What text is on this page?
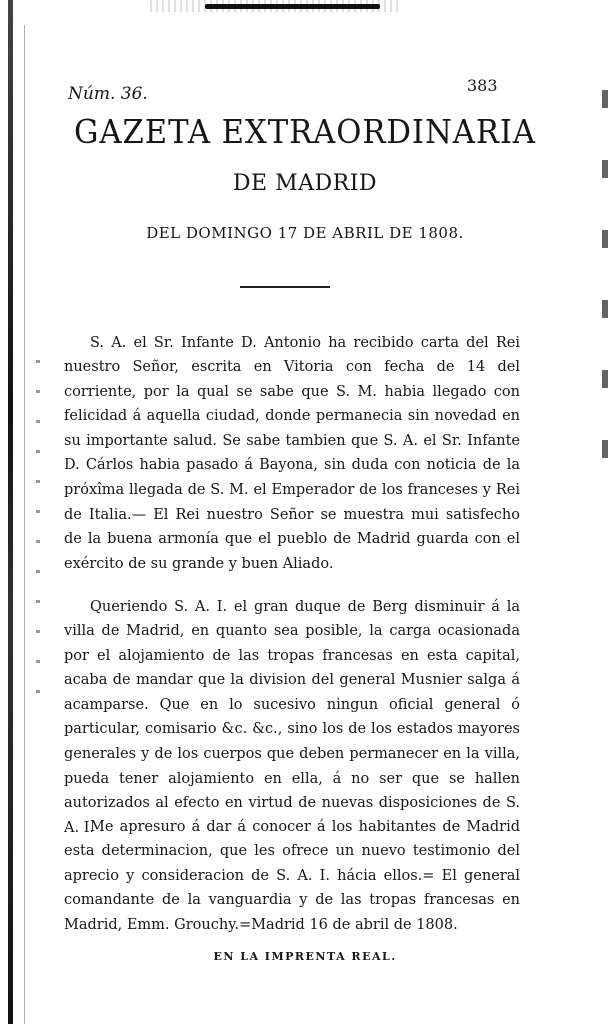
Núm. 36.	383
GAZETA EXTRAORDINARIA
DE MADRID
DEL DOMINGO 17 DE ABRIL DE 1808.

S. A. el Sr. Infante D. Antonio ha recibido carta del Rei nuestro Señor, escrita en Vitoria con fecha de 14 del corriente, por la qual se sabe que S. M. habia llegado con felicidad á aquella ciudad, donde permanecia sin novedad en su importante salud. Se sabe tambien que S. A. el Sr. Infante D. Cárlos habia pasado á Bayona, sin duda con noticia de la próxîma llegada de S. M. el Emperador de los franceses y Rei de Italia.— El Rei nuestro Señor se muestra mui satisfecho de la buena armonía que el pueblo de Madrid guarda con el exército de su grande y buen Aliado.

Queriendo S. A. I. el gran duque de Berg disminuir á la villa de Madrid, en quanto sea posible, la carga ocasionada por el alojamiento de las tropas francesas en esta capital, acaba de mandar que la division del general Musnier salga á acamparse. Que en lo sucesivo ningun oficial general ó particular, comisario &c. &c., sino los de los estados mayores generales y de los cuerpos que deben permanecer en la villa, pueda tener alojamiento en ella, á no ser que se hallen autorizados al efecto en virtud de nuevas disposiciones de S. A. I.

Me apresuro á dar á conocer á los habitantes de Madrid esta determinacion, que les ofrece un nuevo testimonio del aprecio y consideracion de S. A. I. hácia ellos.= El general comandante de la vanguardia y de las tropas francesas en Madrid, Emm. Grouchy.=Madrid 16 de abril de 1808.

EN LA IMPRENTA REAL.
